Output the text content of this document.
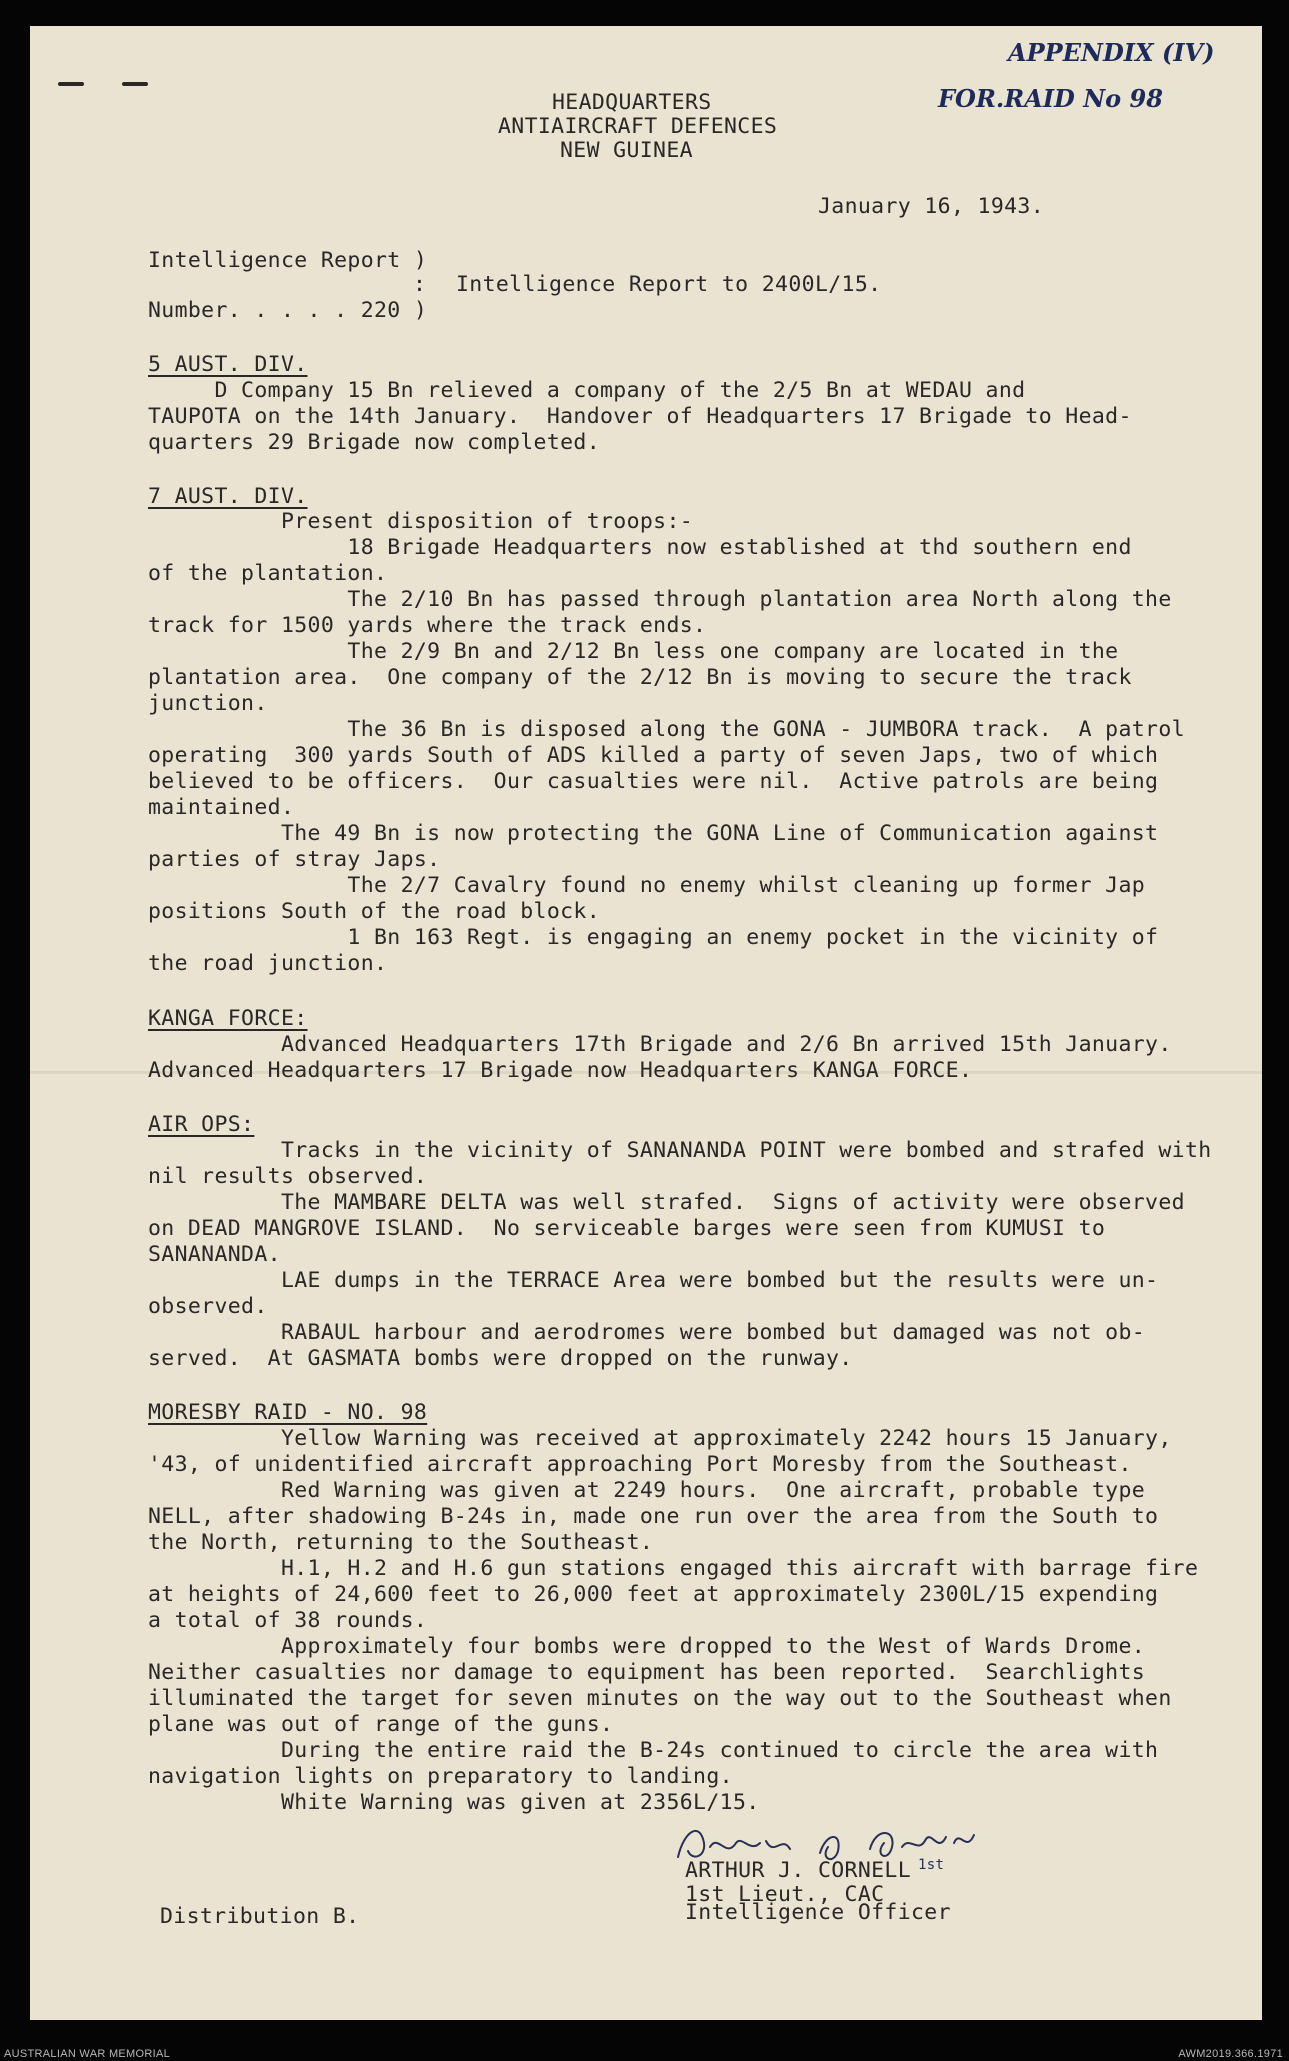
APPENDIX (IV)
FOR.RAID No 98
HEADQUARTERS
ANTIAIRCRAFT DEFENCES
NEW GUINEA
January 16, 1943.
Intelligence Report )
: Intelligence Report to 2400L/15.
Number. . . . . 220 )
5 AUST. DIV.
D Company 15 Bn relieved a company of the 2/5 Bn at WEDAU and
TAUPOTA on the 14th January.  Handover of Headquarters 17 Brigade to Head-
quarters 29 Brigade now completed.
7 AUST. DIV.
Present disposition of troops:-
18 Brigade Headquarters now established at thd southern end
of the plantation.
The 2/10 Bn has passed through plantation area North along the
track for 1500 yards where the track ends.
The 2/9 Bn and 2/12 Bn less one company are located in the
plantation area.  One company of the 2/12 Bn is moving to secure the track
junction.
The 36 Bn is disposed along the GONA - JUMBORA track.  A patrol
operating  300 yards South of ADS killed a party of seven Japs, two of which
believed to be officers.  Our casualties were nil.  Active patrols are being
maintained.
The 49 Bn is now protecting the GONA Line of Communication against
parties of stray Japs.
The 2/7 Cavalry found no enemy whilst cleaning up former Jap
positions South of the road block.
1 Bn 163 Regt. is engaging an enemy pocket in the vicinity of
the road junction.
KANGA FORCE:
Advanced Headquarters 17th Brigade and 2/6 Bn arrived 15th January.
Advanced Headquarters 17 Brigade now Headquarters KANGA FORCE.
AIR OPS:
Tracks in the vicinity of SANANANDA POINT were bombed and strafed with
nil results observed.
The MAMBARE DELTA was well strafed.  Signs of activity were observed
on DEAD MANGROVE ISLAND.  No serviceable barges were seen from KUMUSI to
SANANANDA.
LAE dumps in the TERRACE Area were bombed but the results were un-
observed.
RABAUL harbour and aerodromes were bombed but damaged was not ob-
served.  At GASMATA bombs were dropped on the runway.
MORESBY RAID - NO. 98
Yellow Warning was received at approximately 2242 hours 15 January,
'43, of unidentified aircraft approaching Port Moresby from the Southeast.
Red Warning was given at 2249 hours.  One aircraft, probable type
NELL, after shadowing B-24s in, made one run over the area from the South to
the North, returning to the Southeast.
H.1, H.2 and H.6 gun stations engaged this aircraft with barrage fire
at heights of 24,600 feet to 26,000 feet at approximately 2300L/15 expending
a total of 38 rounds.
Approximately four bombs were dropped to the West of Wards Drome.
Neither casualties nor damage to equipment has been reported.  Searchlights
illuminated the target for seven minutes on the way out to the Southeast when
plane was out of range of the guns.
During the entire raid the B-24s continued to circle the area with
navigation lights on preparatory to landing.
White Warning was given at 2356L/15.
1st
ARTHUR J. CORNELL
1st Lieut., CAC
Intelligence Officer
Distribution B.
AUSTRALIAN WAR MEMORIAL	AWM2019.366.1971
